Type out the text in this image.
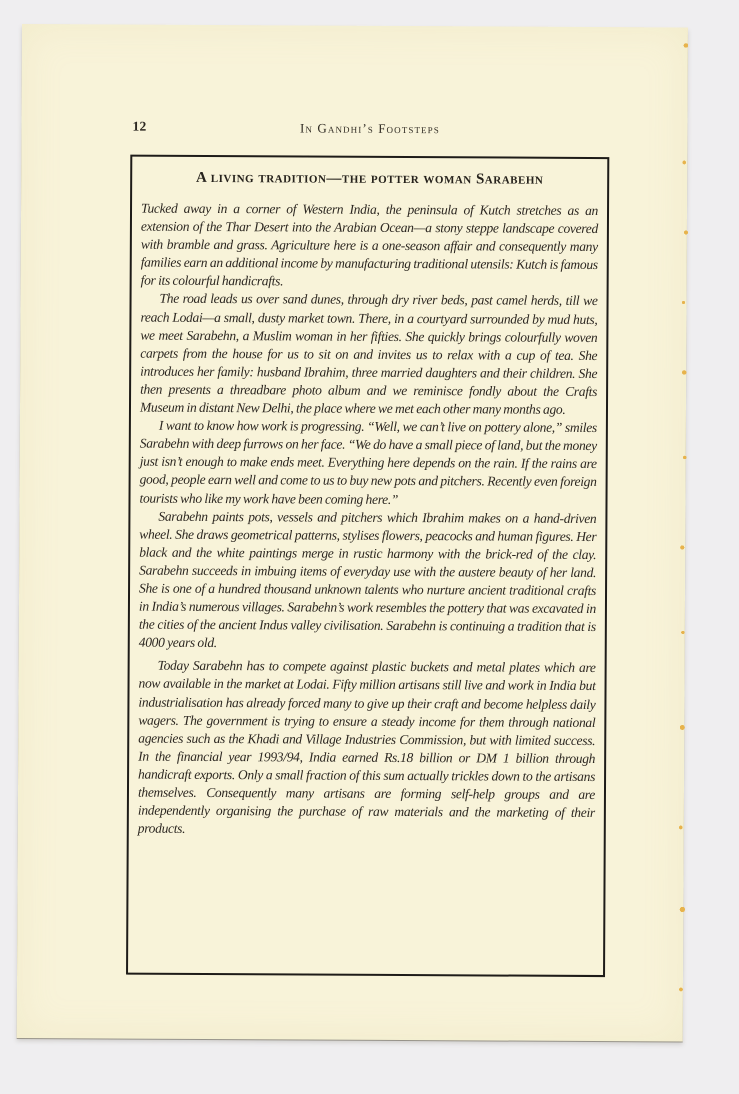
12	In Gandhi’s Footsteps
A living tradition—the potter woman Sarabehn

Tucked away in a corner of Western India, the peninsula of Kutch stretches as an extension of the Thar Desert into the Arabian Ocean—a stony steppe landscape covered with bramble and grass. Agriculture here is a one-season affair and consequently many families earn an additional income by manufacturing traditional utensils: Kutch is famous for its colourful handicrafts.

The road leads us over sand dunes, through dry river beds, past camel herds, till we reach Lodai—a small, dusty market town. There, in a courtyard surrounded by mud huts, we meet Sarabehn, a Muslim woman in her fifties. She quickly brings colourfully woven carpets from the house for us to sit on and invites us to relax with a cup of tea. She introduces her family: husband Ibrahim, three married daughters and their children. She then presents a threadbare photo album and we reminisce fondly about the Crafts Museum in distant New Delhi, the place where we met each other many months ago.

I want to know how work is progressing. “Well, we can’t live on pottery alone,” smiles Sarabehn with deep furrows on her face. “We do have a small piece of land, but the money just isn’t enough to make ends meet. Everything here depends on the rain. If the rains are good, people earn well and come to us to buy new pots and pitchers. Recently even foreign tourists who like my work have been coming here.”

Sarabehn paints pots, vessels and pitchers which Ibrahim makes on a hand-driven wheel. She draws geometrical patterns, stylises flowers, peacocks and human figures. Her black and the white paintings merge in rustic harmony with the brick-red of the clay. Sarabehn succeeds in imbuing items of everyday use with the austere beauty of her land. She is one of a hundred thousand unknown talents who nurture ancient traditional crafts in India’s numerous villages. Sarabehn’s work resembles the pottery that was excavated in the cities of the ancient Indus valley civilisation. Sarabehn is continuing a tradition that is 4000 years old.

Today Sarabehn has to compete against plastic buckets and metal plates which are now available in the market at Lodai. Fifty million artisans still live and work in India but industrialisation has already forced many to give up their craft and become helpless daily wagers. The government is trying to ensure a steady income for them through national agencies such as the Khadi and Village Industries Commission, but with limited success. In the financial year 1993/94, India earned Rs.18 billion or DM 1 billion through handicraft exports. Only a small fraction of this sum actually trickles down to the artisans themselves. Consequently many artisans are forming self-help groups and are independently organising the purchase of raw materials and the marketing of their products.
